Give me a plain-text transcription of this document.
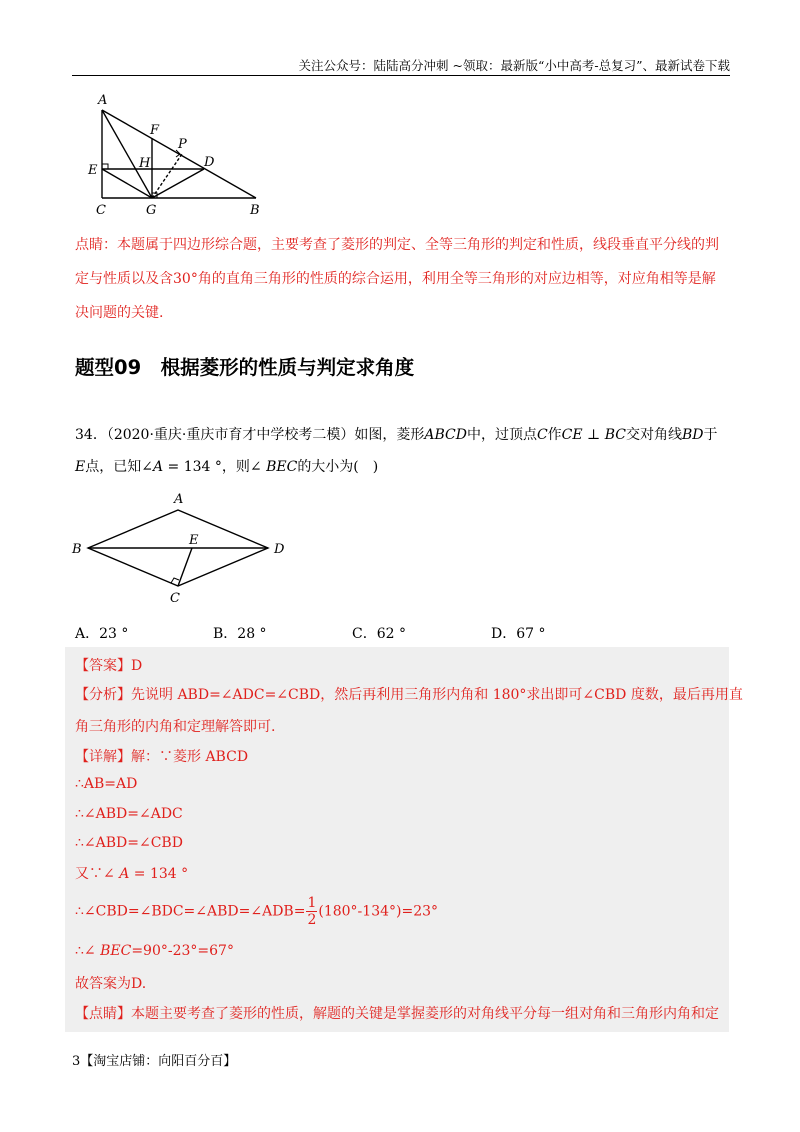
关注公众号：陆陆高分冲刺 ~领取：最新版“小中高考-总复习”、最新试卷下载
A
F
P
D
H
E
C	G	B
点睛：本题属于四边形综合题，主要考查了菱形的判定、全等三角形的判定和性质，线段垂直平分线的判
定与性质以及含30°角的直角三角形的性质的综合运用，利用全等三角形的对应边相等，对应角相等是解
决问题的关键.
题型09　根据菱形的性质与判定求角度
34．（2020·重庆·重庆市育才中学校考二模）如图，菱形ABCD中，过顶点C作CE ⊥ BC交对角线BD于
E点，已知∠A = 134 °，则∠ BEC的大小为(　)
A
B
E
D
C
A．23 °	B．28 °	C．62 °	D．67 °
【答案】D
【分析】先说明 ABD=∠ADC=∠CBD，然后再利用三角形内角和 180°求出即可∠CBD 度数，最后再用直
角三角形的内角和定理解答即可.
【详解】解：∵菱形 ABCD
∴AB=AD
∴∠ABD=∠ADC
∴∠ABD=∠CBD
又∵∠ A = 134 °
∴∠CBD=∠BDC=∠ABD=∠ADB= $\frac{1}{2} (180^\circ-134^\circ)=23^\circ$
∴∠ BEC=90°-23°=67°
故答案为D.
【点睛】本题主要考查了菱形的性质，解题的关键是掌握菱形的对角线平分每一组对角和三角形内角和定
3【淘宝店铺：向阳百分百】
